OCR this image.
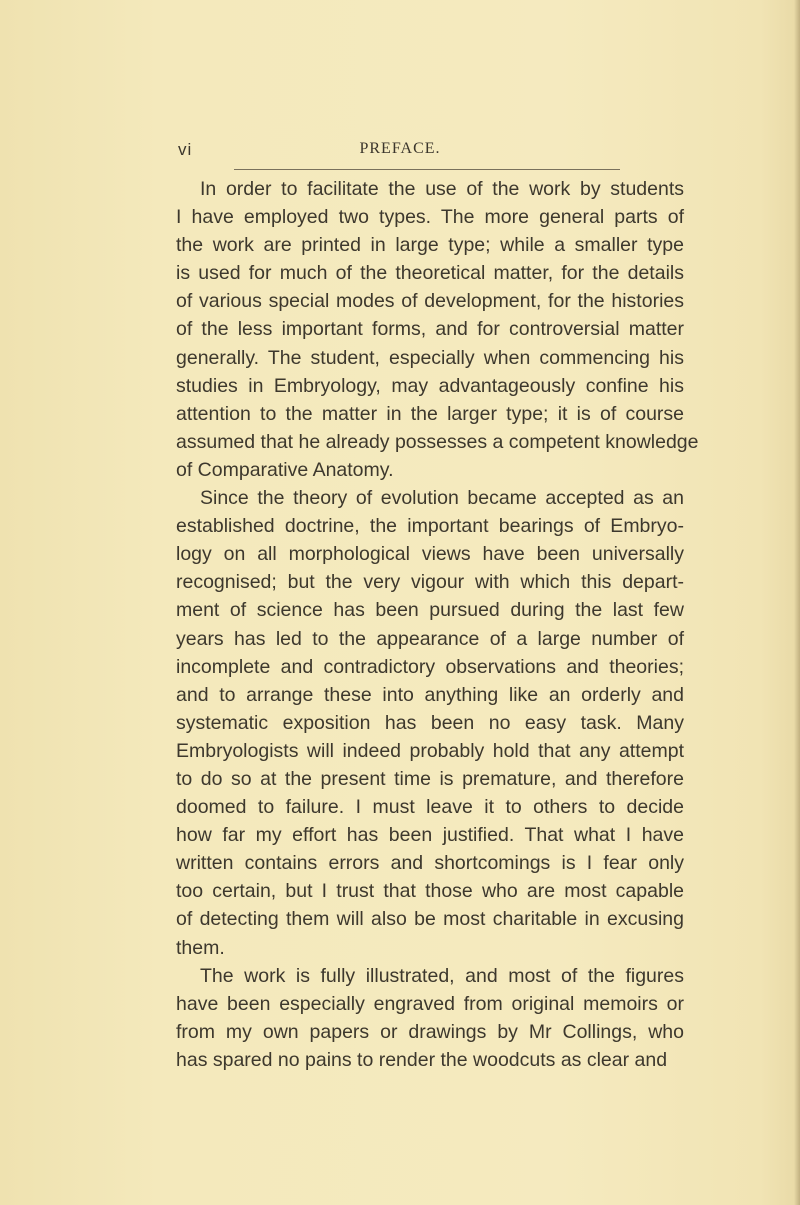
vi	PREFACE.

In order to facilitate the use of the work by students
I have employed two types. The more general parts of
the work are printed in large type; while a smaller type
is used for much of the theoretical matter, for the details
of various special modes of development, for the histories
of the less important forms, and for controversial matter
generally. The student, especially when commencing his
studies in Embryology, may advantageously confine his
attention to the matter in the larger type; it is of course
assumed that he already possesses a competent knowledge
of Comparative Anatomy.

Since the theory of evolution became accepted as an
established doctrine, the important bearings of Embryo-
logy on all morphological views have been universally
recognised; but the very vigour with which this depart-
ment of science has been pursued during the last few
years has led to the appearance of a large number of
incomplete and contradictory observations and theories;
and to arrange these into anything like an orderly and
systematic exposition has been no easy task. Many
Embryologists will indeed probably hold that any attempt
to do so at the present time is premature, and therefore
doomed to failure. I must leave it to others to decide
how far my effort has been justified. That what I have
written contains errors and shortcomings is I fear only
too certain, but I trust that those who are most capable
of detecting them will also be most charitable in excusing
them.

The work is fully illustrated, and most of the figures
have been especially engraved from original memoirs or
from my own papers or drawings by Mr Collings, who
has spared no pains to render the woodcuts as clear and
